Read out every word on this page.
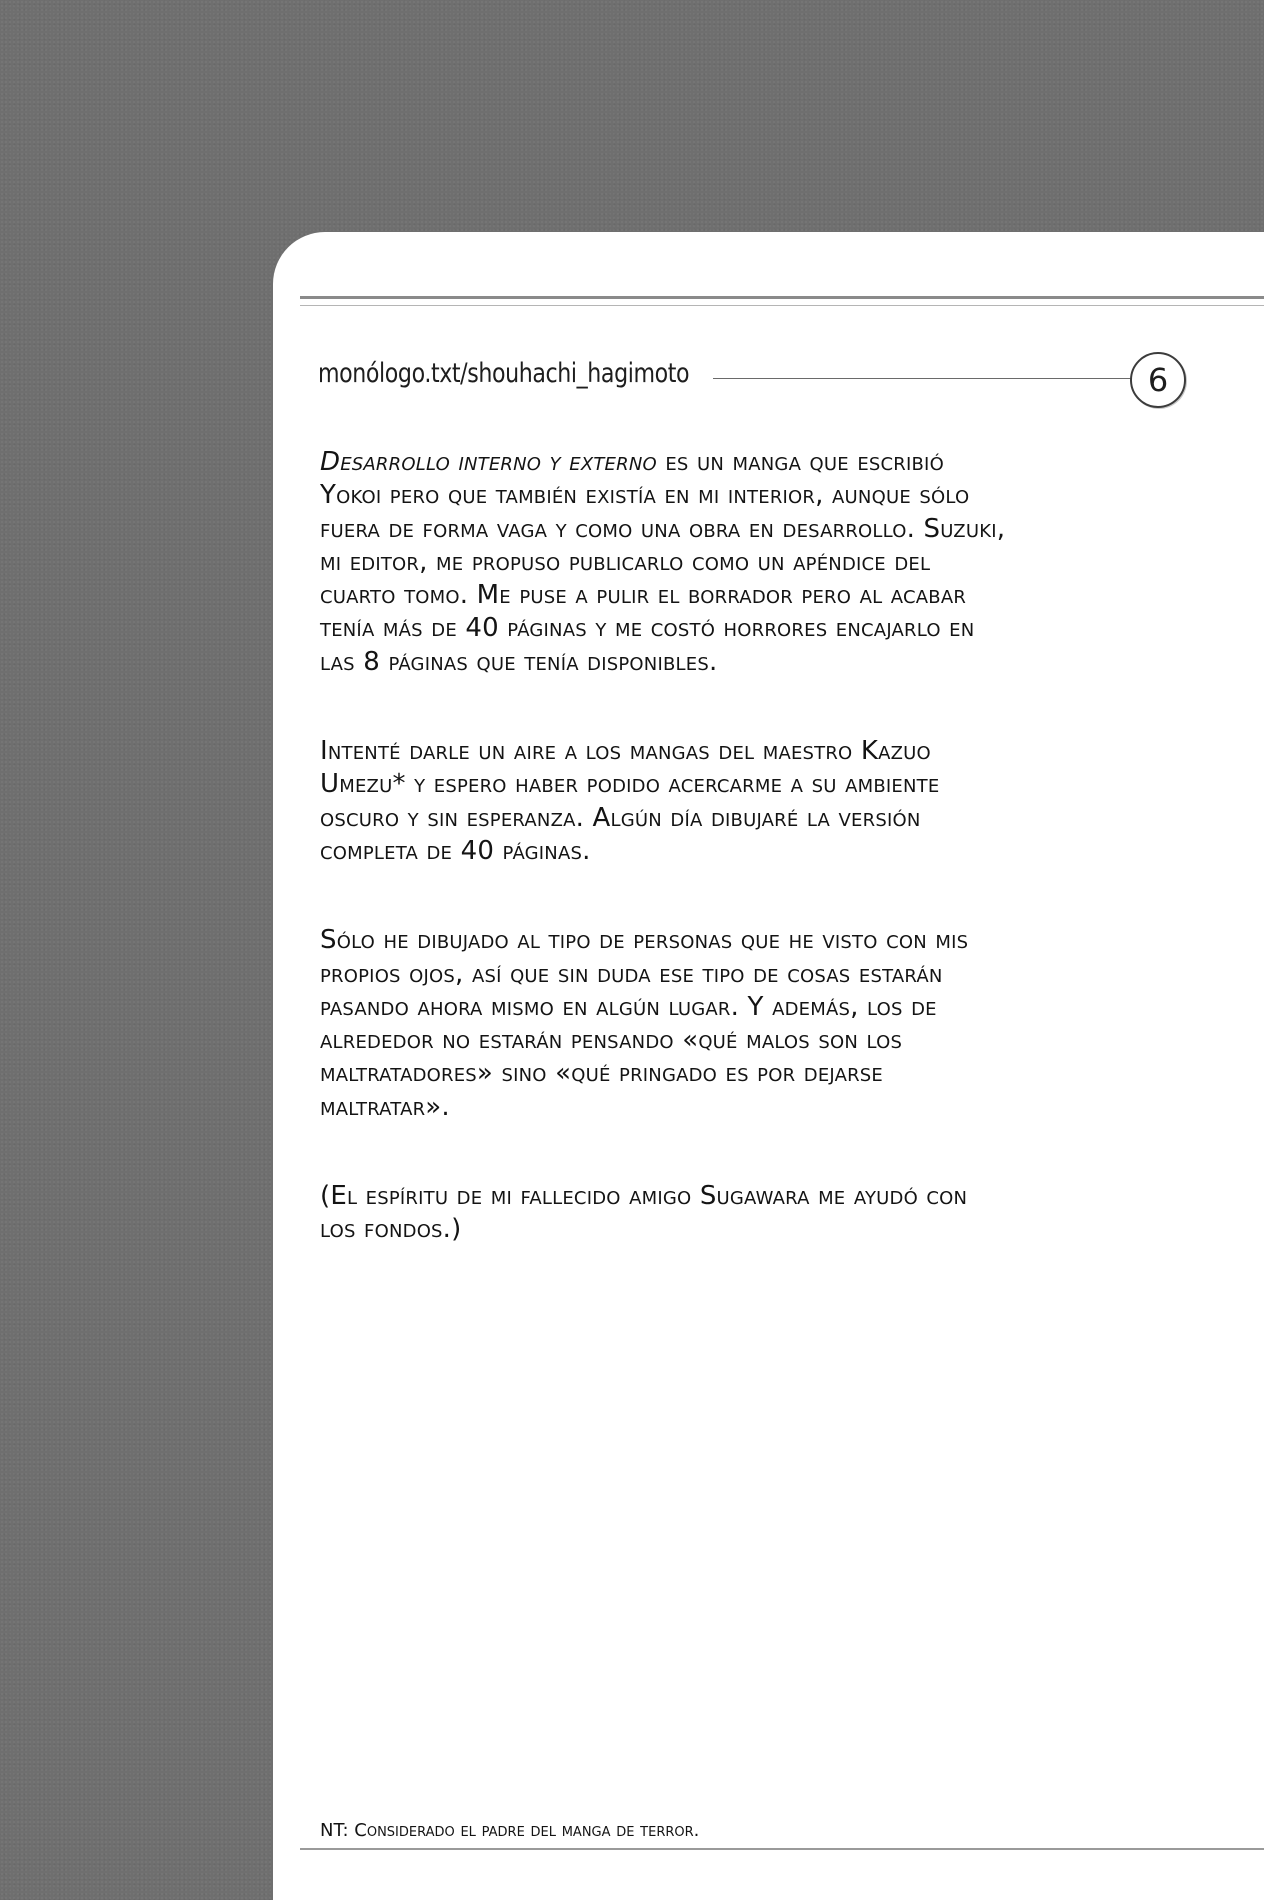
monólogo.txt/shouhachi_hagimoto	6

Desarrollo interno y externo es un manga que escribió
Yokoi pero que también existía en mi interior, aunque sólo
fuera de forma vaga y como una obra en desarrollo. Suzuki,
mi editor, me propuso publicarlo como un apéndice del
cuarto tomo. Me puse a pulir el borrador pero al acabar
tenía más de 40 páginas y me costó horrores encajarlo en
las 8 páginas que tenía disponibles.

Intenté darle un aire a los mangas del maestro Kazuo
Umezu* y espero haber podido acercarme a su ambiente
oscuro y sin esperanza. Algún día dibujaré la versión
completa de 40 páginas.

Sólo he dibujado al tipo de personas que he visto con mis
propios ojos, así que sin duda ese tipo de cosas estarán
pasando ahora mismo en algún lugar. Y además, los de
alrededor no estarán pensando «qué malos son los
maltratadores» sino «qué pringado es por dejarse
maltratar».

(El espíritu de mi fallecido amigo Sugawara me ayudó con
los fondos.)

NT: Considerado el padre del manga de terror.
